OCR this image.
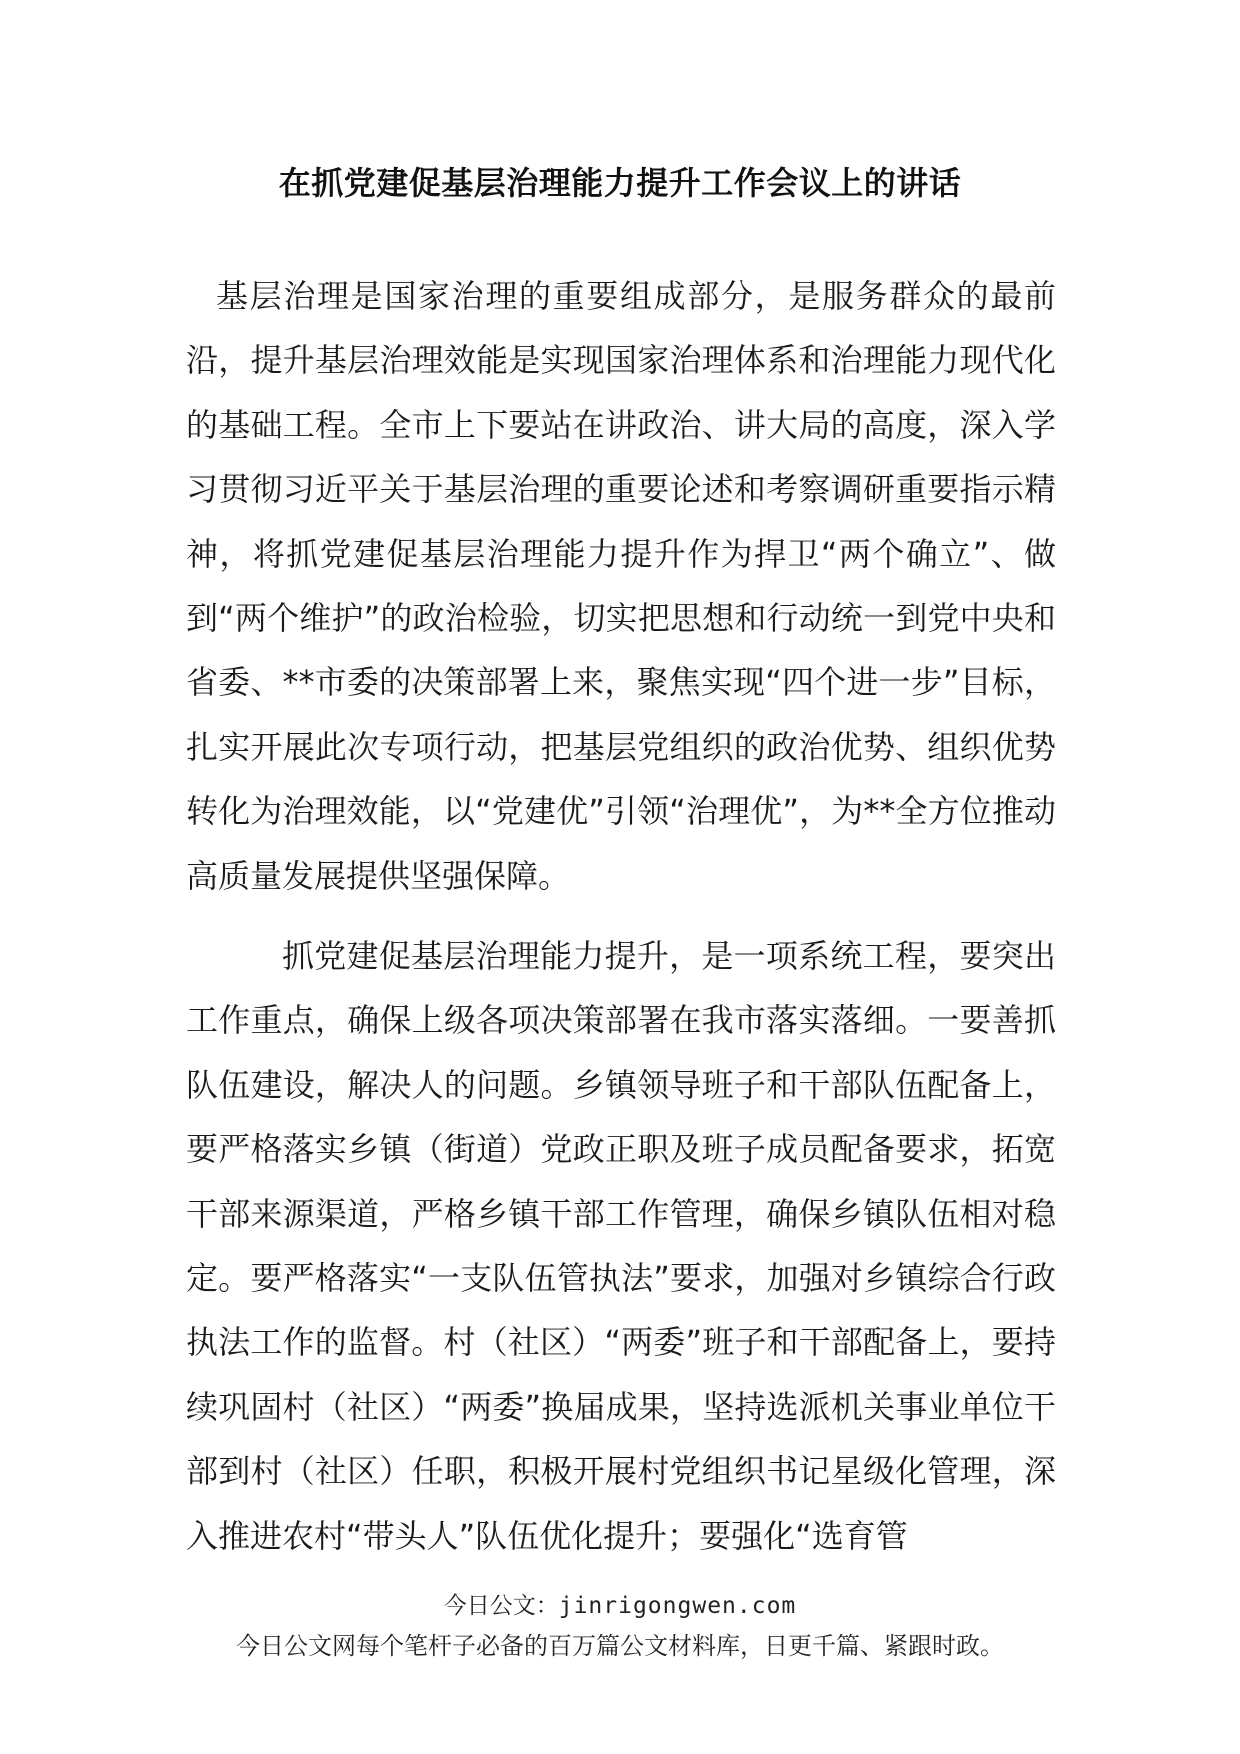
在抓党建促基层治理能力提升工作会议上的讲话
基层治理是国家治理的重要组成部分，是服务群众的最前沿，提升基层治理效能是实现国家治理体系和治理能力现代化的基础工程。全市上下要站在讲政治、讲大局的高度，深入学习贯彻习近平关于基层治理的重要论述和考察调研重要指示精神，将抓党建促基层治理能力提升作为捍卫“两个确立”、做到“两个维护”的政治检验，切实把思想和行动统一到党中央和省委、**市委的决策部署上来，聚焦实现“四个进一步”目标，扎实开展此次专项行动，把基层党组织的政治优势、组织优势转化为治理效能，以“党建优”引领“治理优”，为**全方位推动高质量发展提供坚强保障。
抓党建促基层治理能力提升，是一项系统工程，要突出工作重点，确保上级各项决策部署在我市落实落细。一要善抓队伍建设，解决人的问题。乡镇领导班子和干部队伍配备上，要严格落实乡镇（街道）党政正职及班子成员配备要求，拓宽干部来源渠道，严格乡镇干部工作管理，确保乡镇队伍相对稳定。要严格落实“一支队伍管执法”要求，加强对乡镇综合行政执法工作的监督。村（社区）“两委”班子和干部配备上，要持续巩固村（社区）“两委”换届成果，坚持选派机关事业单位干部到村（社区）任职，积极开展村党组织书记星级化管理，深入推进农村“带头人”队伍优化提升；要强化“选育管
今日公文：jinrigongwen.com
今日公文网每个笔杆子必备的百万篇公文材料库，日更千篇、紧跟时政。
